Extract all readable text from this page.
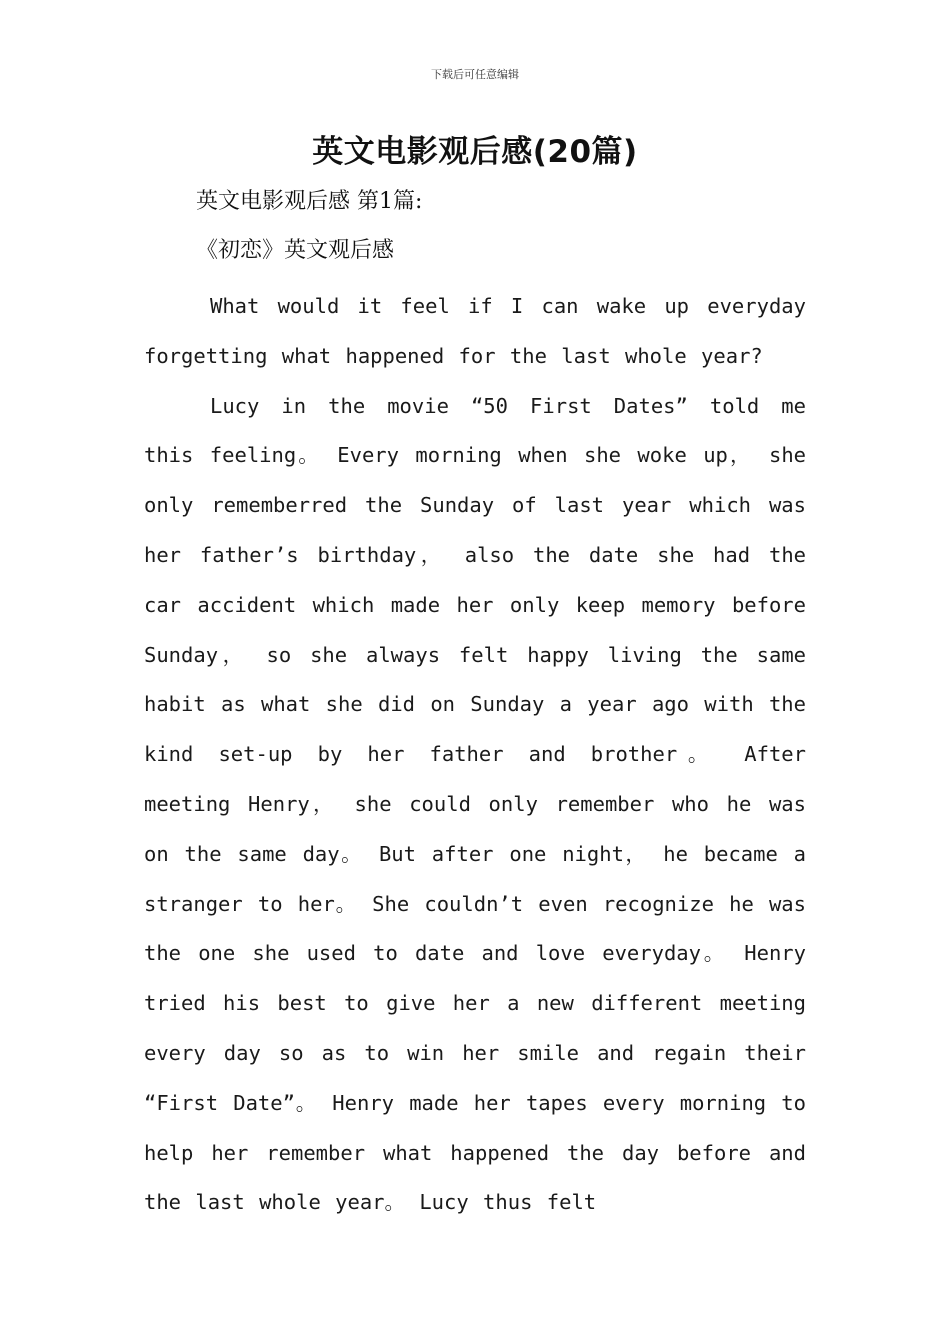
下载后可任意编辑
英文电影观后感(20篇)
英文电影观后感 第1篇:
《初恋》英文观后感

What would it feel if I can wake up everyday forgetting what happened for the last whole year?

Lucy in the movie “50 First Dates” told me this feeling。 Every morning when she woke up， she only rememberred the Sunday of last year which was her father’s birthday， also the date she had the car accident which made her only keep memory before Sunday， so she always felt happy living the same habit as what she did on Sunday a year ago with the kind set-up by her father and brother。 After meeting Henry， she could only remember who he was on the same day。 But after one night， he became a stranger to her。 She couldn’t even recognize he was the one she used to date and love everyday。 Henry tried his best to give her a new different meeting every day so as to win her smile and regain their “First Date”。 Henry made her tapes every morning to help her remember what happened the day before and the last whole year。 Lucy thus felt
